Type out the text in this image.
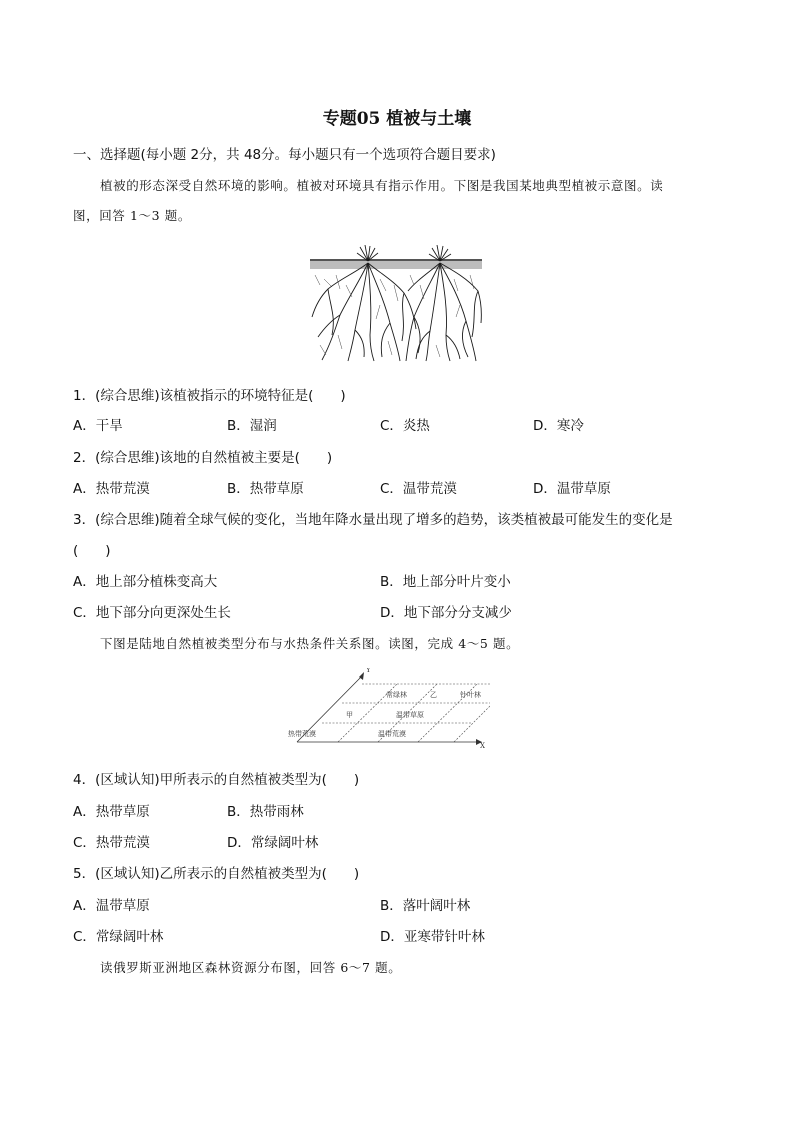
专题05 植被与土壤
一、选择题(每小题 2分，共 48分。每小题只有一个选项符合题目要求)
植被的形态深受自然环境的影响。植被对环境具有指示作用。下图是我国某地典型植被示意图。读
图，回答 1～3 题。
1．(综合思维)该植被指示的环境特征是(　　)
A．干旱	B．湿润	C．炎热	D．寒冷
2．(综合思维)该地的自然植被主要是(　　)
A．热带荒漠	B．热带草原	C．温带荒漠	D．温带草原
3．(综合思维)随着全球气候的变化，当地年降水量出现了增多的趋势，该类植被最可能发生的变化是
(　　)
A．地上部分植株变高大	B．地上部分叶片变小
C．地下部分向更深处生长	D．地下部分分支减少
下图是陆地自然植被类型分布与水热条件关系图。读图，完成 4～5 题。
Y
X
常绿林	乙	针叶林
甲	温带草原
热带荒漠	温带荒漠
4．(区域认知)甲所表示的自然植被类型为(　　)
A．热带草原	B．热带雨林
C．热带荒漠	D．常绿阔叶林
5．(区域认知)乙所表示的自然植被类型为(　　)
A．温带草原	B．落叶阔叶林
C．常绿阔叶林	D．亚寒带针叶林
读俄罗斯亚洲地区森林资源分布图，回答 6～7 题。
